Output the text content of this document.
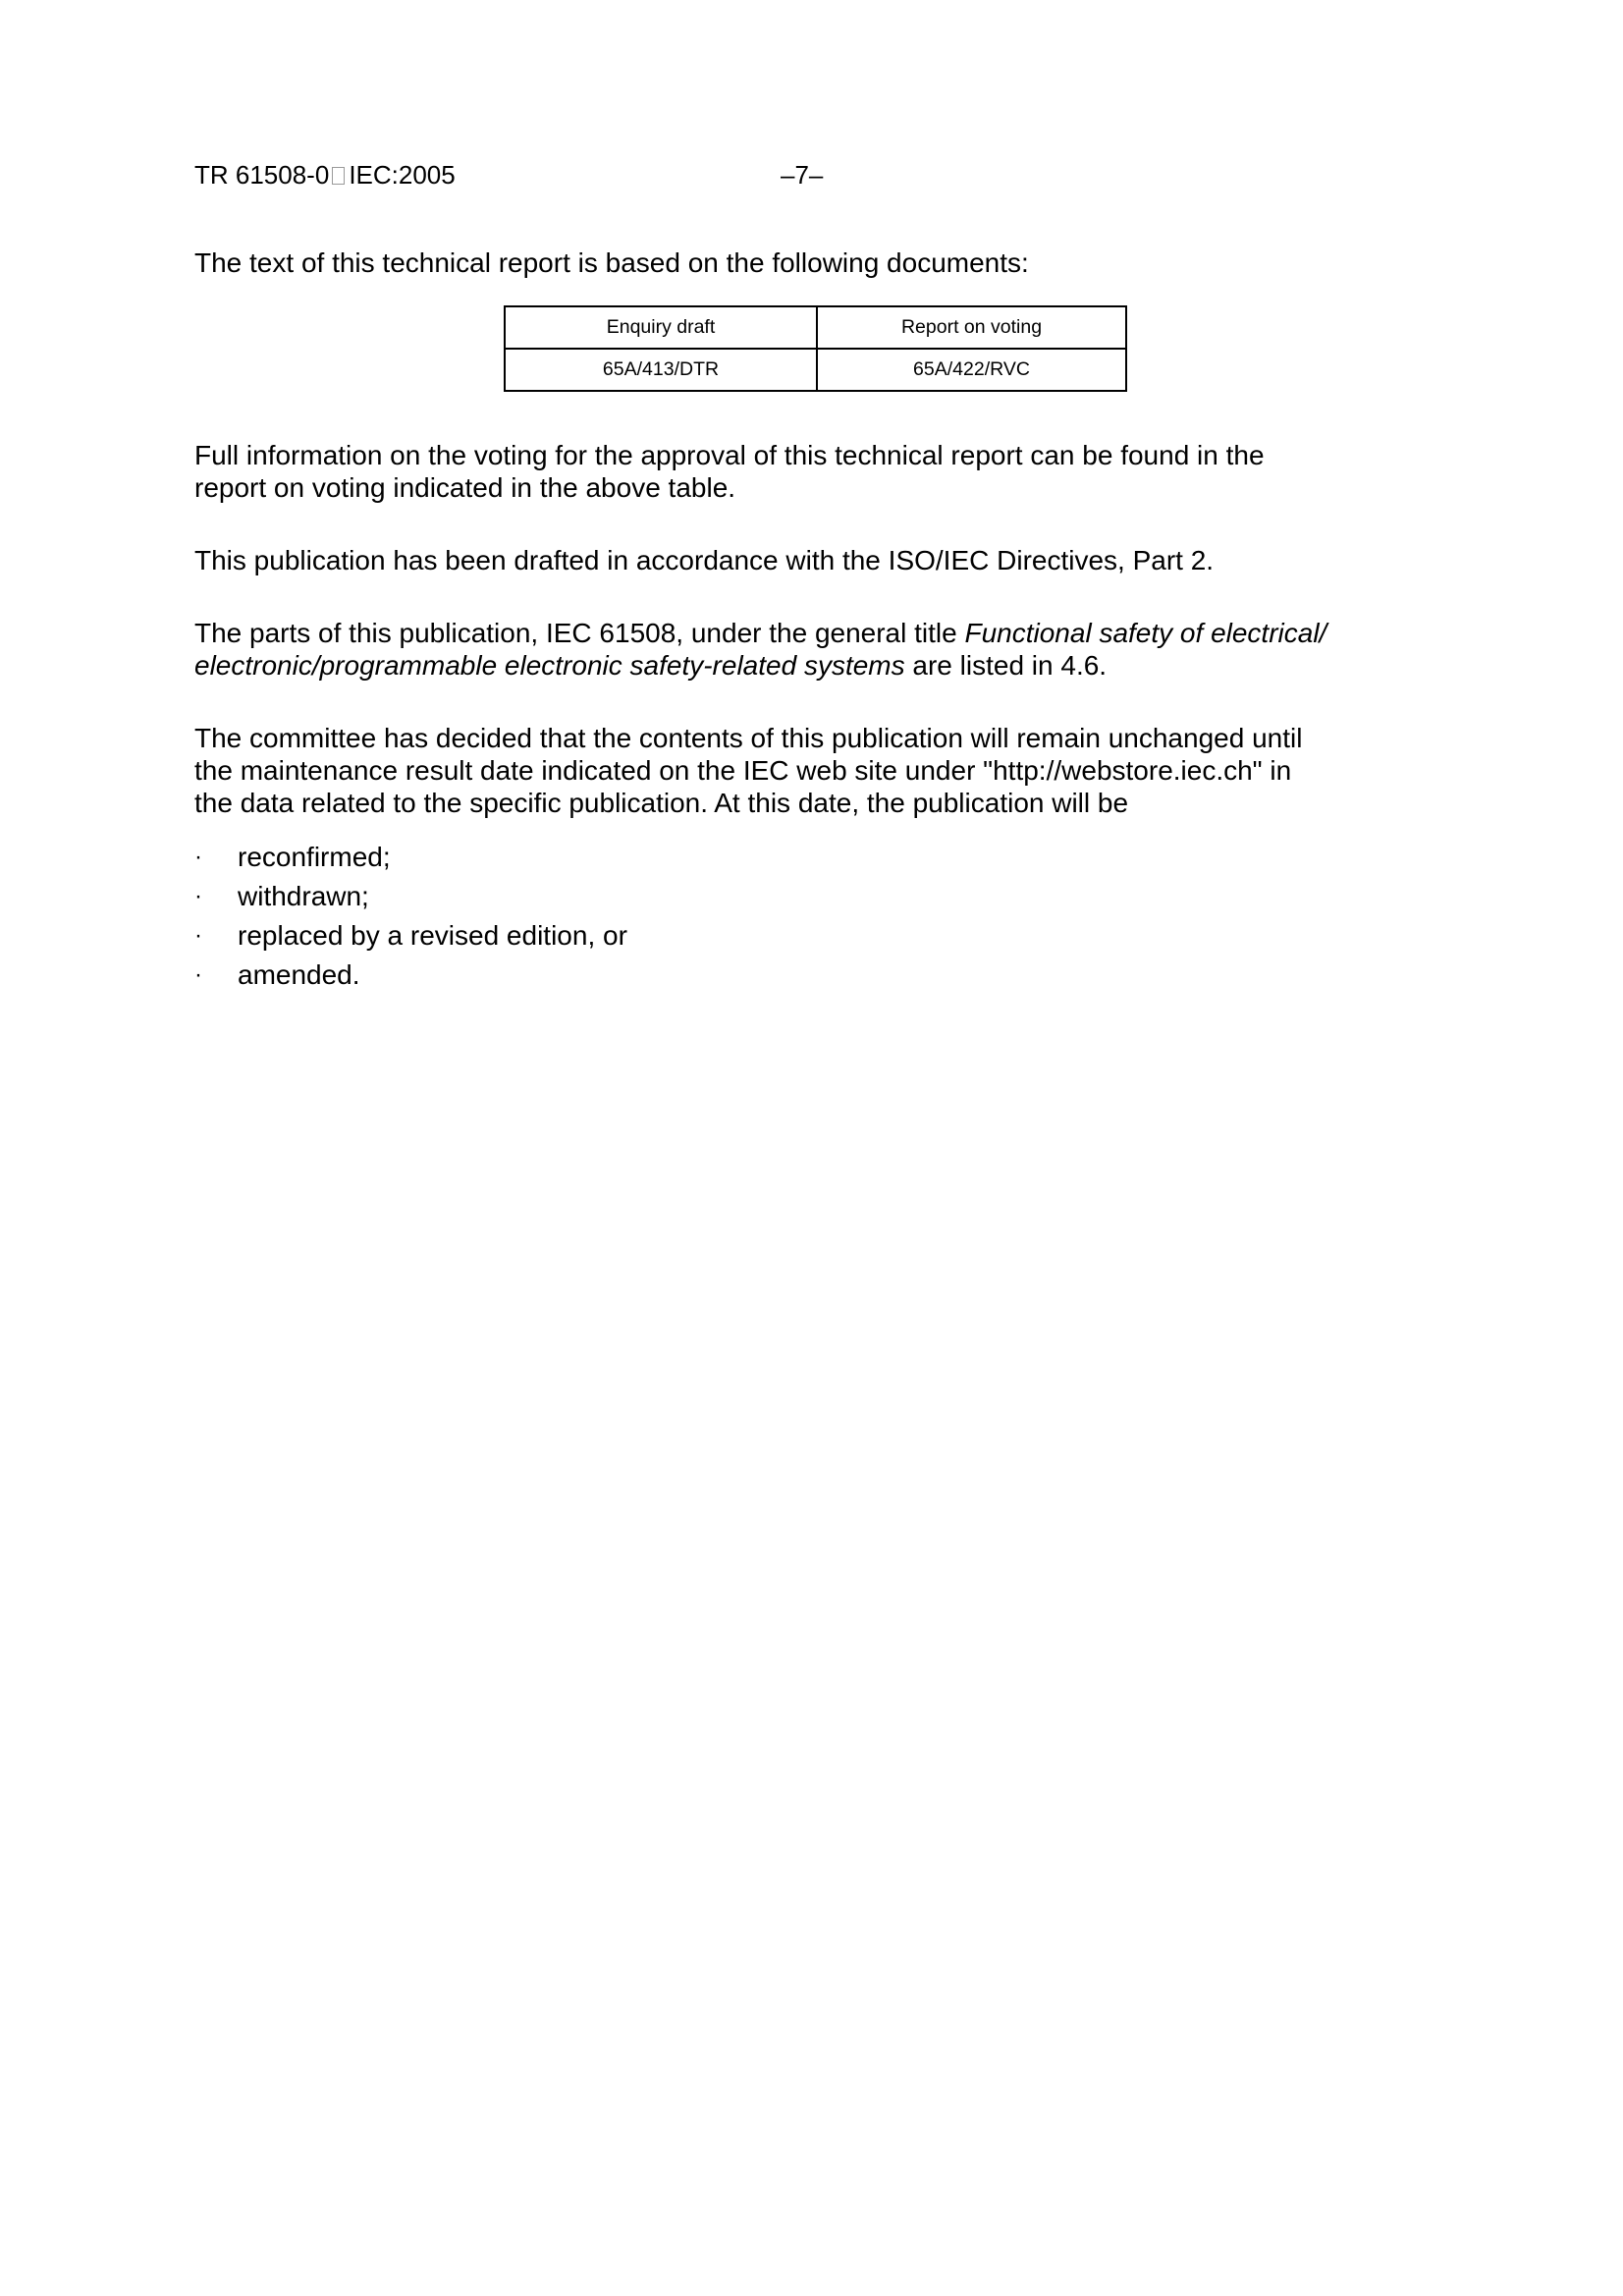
TR 61508-0 IEC:2005	–7–

The text of this technical report is based on the following documents:

Enquiry draft	Report on voting
65A/413/DTR	65A/422/RVC

Full information on the voting for the approval of this technical report can be found in the report on voting indicated in the above table.

This publication has been drafted in accordance with the ISO/IEC Directives, Part 2.

The parts of this publication, IEC 61508, under the general title Functional safety of electrical/ electronic/programmable electronic safety-related systems are listed in 4.6.

The committee has decided that the contents of this publication will remain unchanged until the maintenance result date indicated on the IEC web site under "http://webstore.iec.ch" in the data related to the specific publication. At this date, the publication will be

·	reconfirmed;
·	withdrawn;
·	replaced by a revised edition, or
·	amended.
